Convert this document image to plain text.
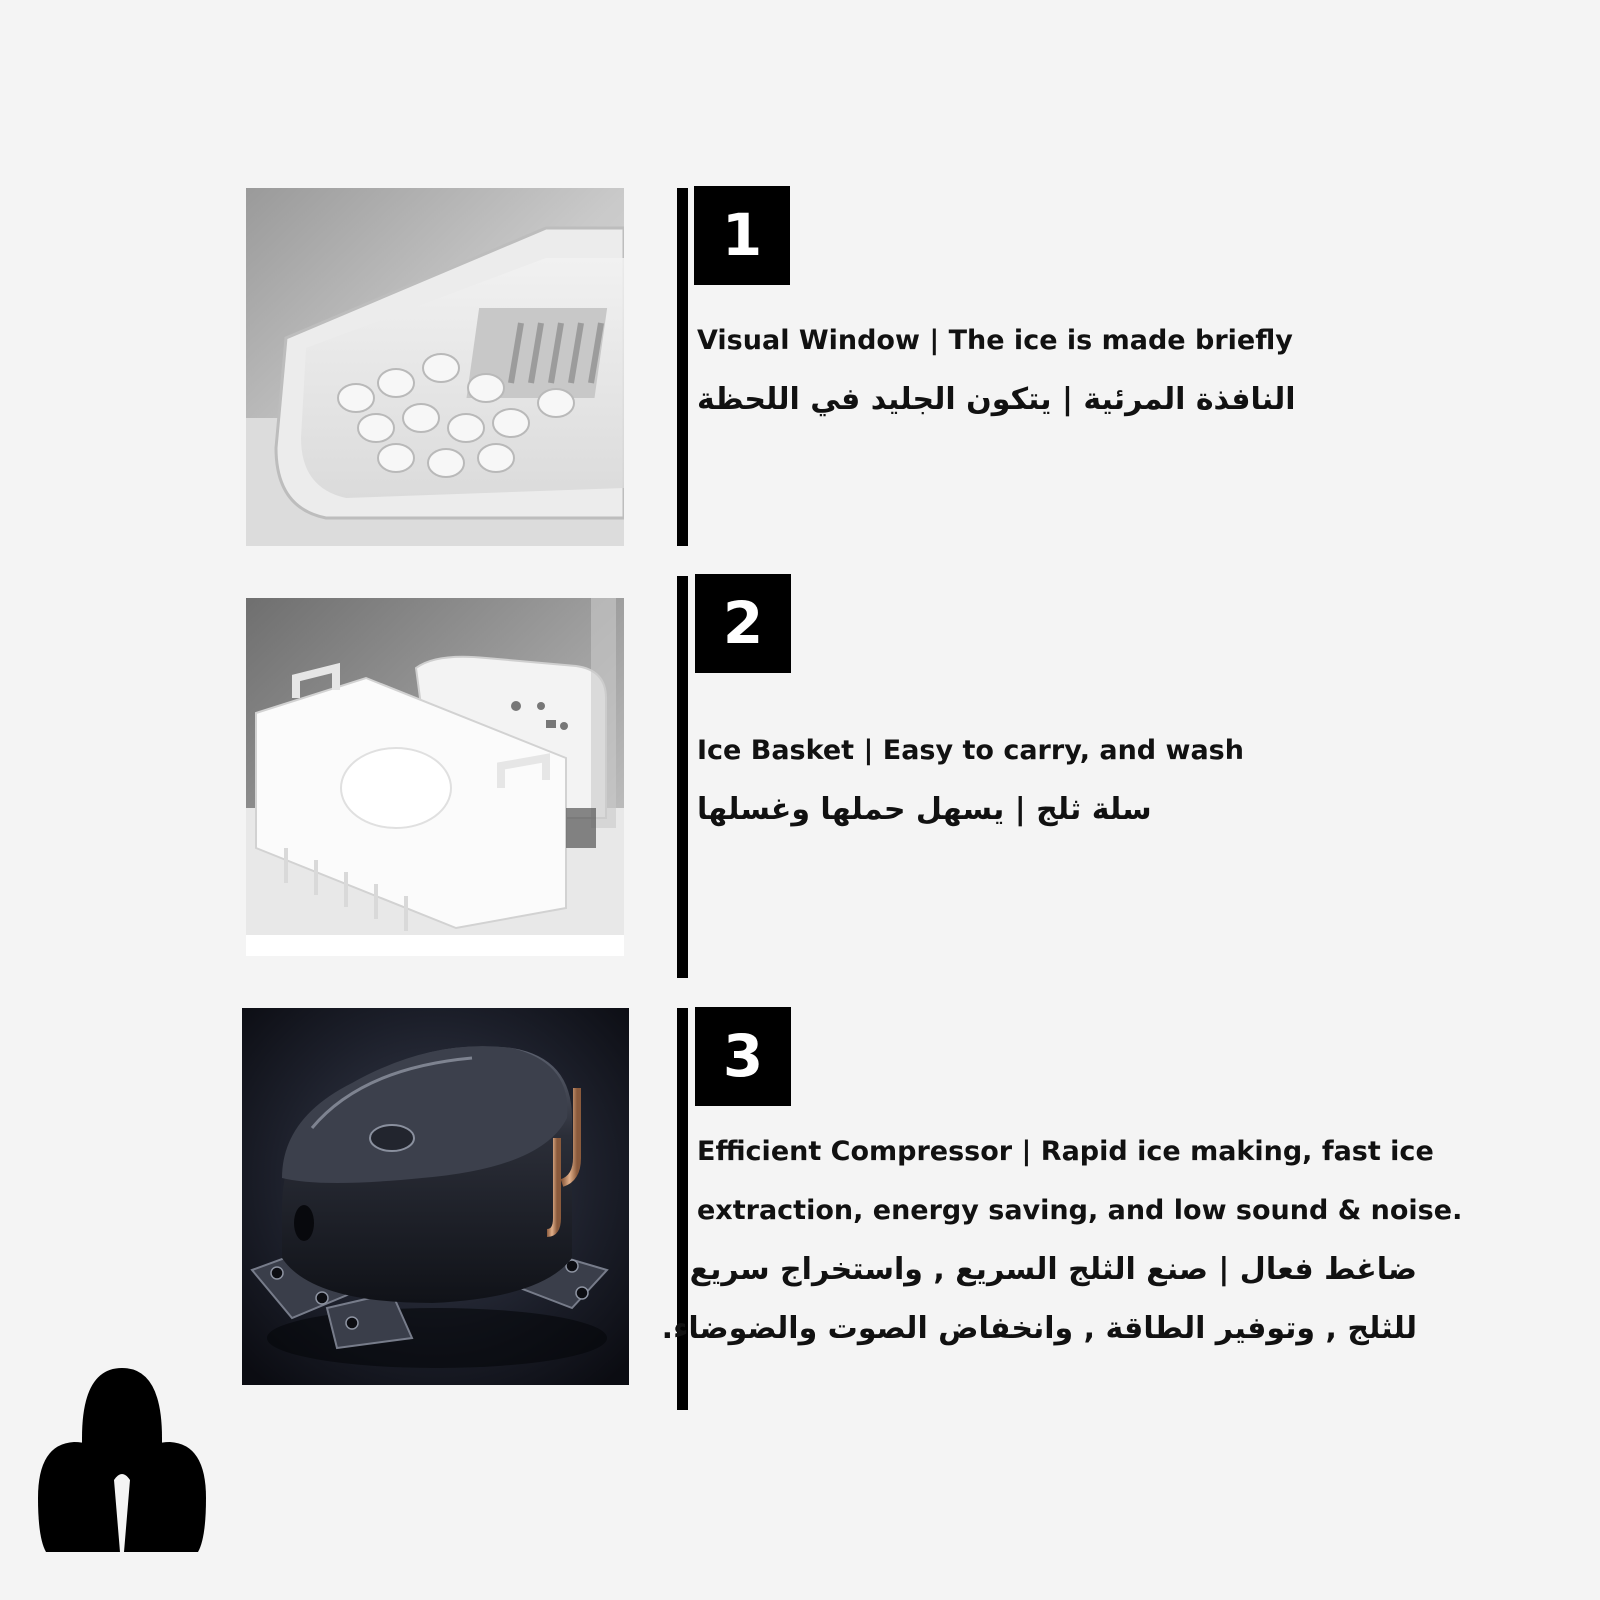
1
Visual Window | The ice is made briefly
النافذة المرئية | يتكون الجليد في اللحظة
2
Ice Basket | Easy to carry, and wash
سلة ثلج | يسهل حملها وغسلها
3
Efficient Compressor | Rapid ice making, fast ice
extraction, energy saving, and low sound & noise.
ضاغط فعال | صنع الثلج السريع , واستخراج سريع
للثلج , وتوفير الطاقة , وانخفاض الصوت والضوضاء.
